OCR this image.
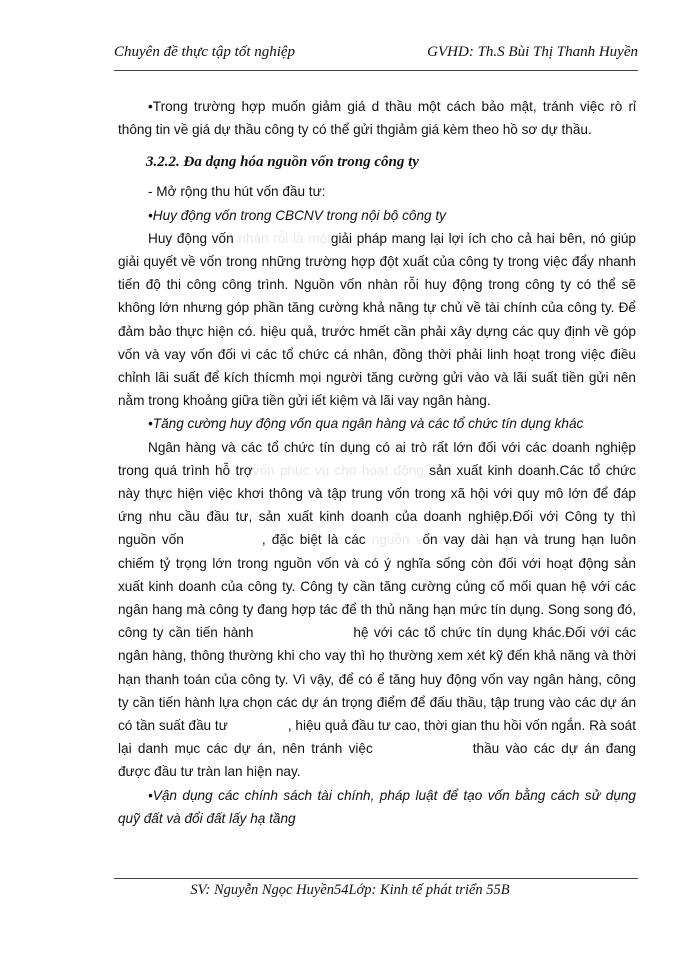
Chuyên đề thực tập tốt nghiệp	GVHD: Th.S Bùi Thị Thanh Huyền

• Trong trường hợp muốn giảm giá d thầu một cách bảo mật, tránh việc rò rỉ thông tin về giá dự thầu công ty có thể gửi thgiảm giá kèm theo hồ sơ dự thầu.

3.2.2. Đa dạng hóa nguồn vốn trong công ty

- Mở rộng thu hút vốn đầu tư:

• Huy động vốn trong CBCNV trong nội bộ công ty

Huy động vốn nhàn rỗi là mộtgiải pháp mang lại lợi ích cho cả hai bên, nó giúp giải quyết về vốn trong những trường hợp đột xuất của công ty trong việc đẩy nhanh tiến độ thi công công trình. Nguồn vốn nhàn rỗi huy động trong công ty có thể sẽ không lớn nhưng góp phần tăng cường khả năng tự chủ về tài chính của công ty. Để đảm bảo thực hiện có. hiệu quả, trước hmết cần phải xây dựng các quy định về góp vốn và vay vốn đối vi các tổ chức cá nhân, đồng thời phải linh hoạt trong việc điều chỉnh lãi suất để kích thícmh mọi người tăng cường gửi vào và lãi suất tiền gửi nên nằm trong khoảng giữa tiền gửi iết kiệm và lãi vay ngân hàng.

• Tăng cường huy động vốn qua ngân hàng và các tổ chức tín dụng khác

Ngân hàng và các tổ chức tín dụng có ai trò rất lớn đối với các doanh nghiệp trong quá trình hỗ trợvốn phục vụ cho hoạt động sản xuất kinh doanh.Các tổ chức này thực hiện việc khơi thông và tập trung vốn trong xã hội với quy mô lớn để đáp ứng nhu cầu đầu tư, sản xuất kinh doanh của doanh nghiệp.Đối với Công ty thì nguồn vốn	, đặc biệt là các nguồn vốn vay dài hạn và trung hạn luôn chiếm tỷ trọng lớn trong nguồn vốn và có ý nghĩa sống còn đối với hoạt động sản xuất kinh doanh của công ty. Công ty cần tăng cường củng cố mối quan hệ với các ngân hang mà công ty đang hợp tác để th thủ năng hạn mức tín dụng. Song song đó, công ty cần tiến hành	hệ với các tổ chức tín dụng khác.Đối với các ngân hàng, thông thường khi cho vay thì họ thường xem xét kỹ đến khả năng và thời hạn thanh toán của công ty. Vì vậy, để có ể tăng huy động vốn vay ngân hàng, công ty cần tiến hành lựa chọn các dự án trọng điểm để đấu thầu, tập trung vào các dự án có tần suất đầu tư	, hiệu quả đầu tư cao, thời gian thu hồi vốn ngắn. Rà soát lại danh mục các dự án, nên tránh việc	thầu vào các dự án đang được đầu tư tràn lan hiện nay.

• Vận dụng các chính sách tài chính, pháp luật để tạo vốn bằng cách sử dụng quỹ đất và đổi đất lấy hạ tầng

SV: Nguyễn Ngọc Huyền54Lớp: Kinh tế phát triển 55B
